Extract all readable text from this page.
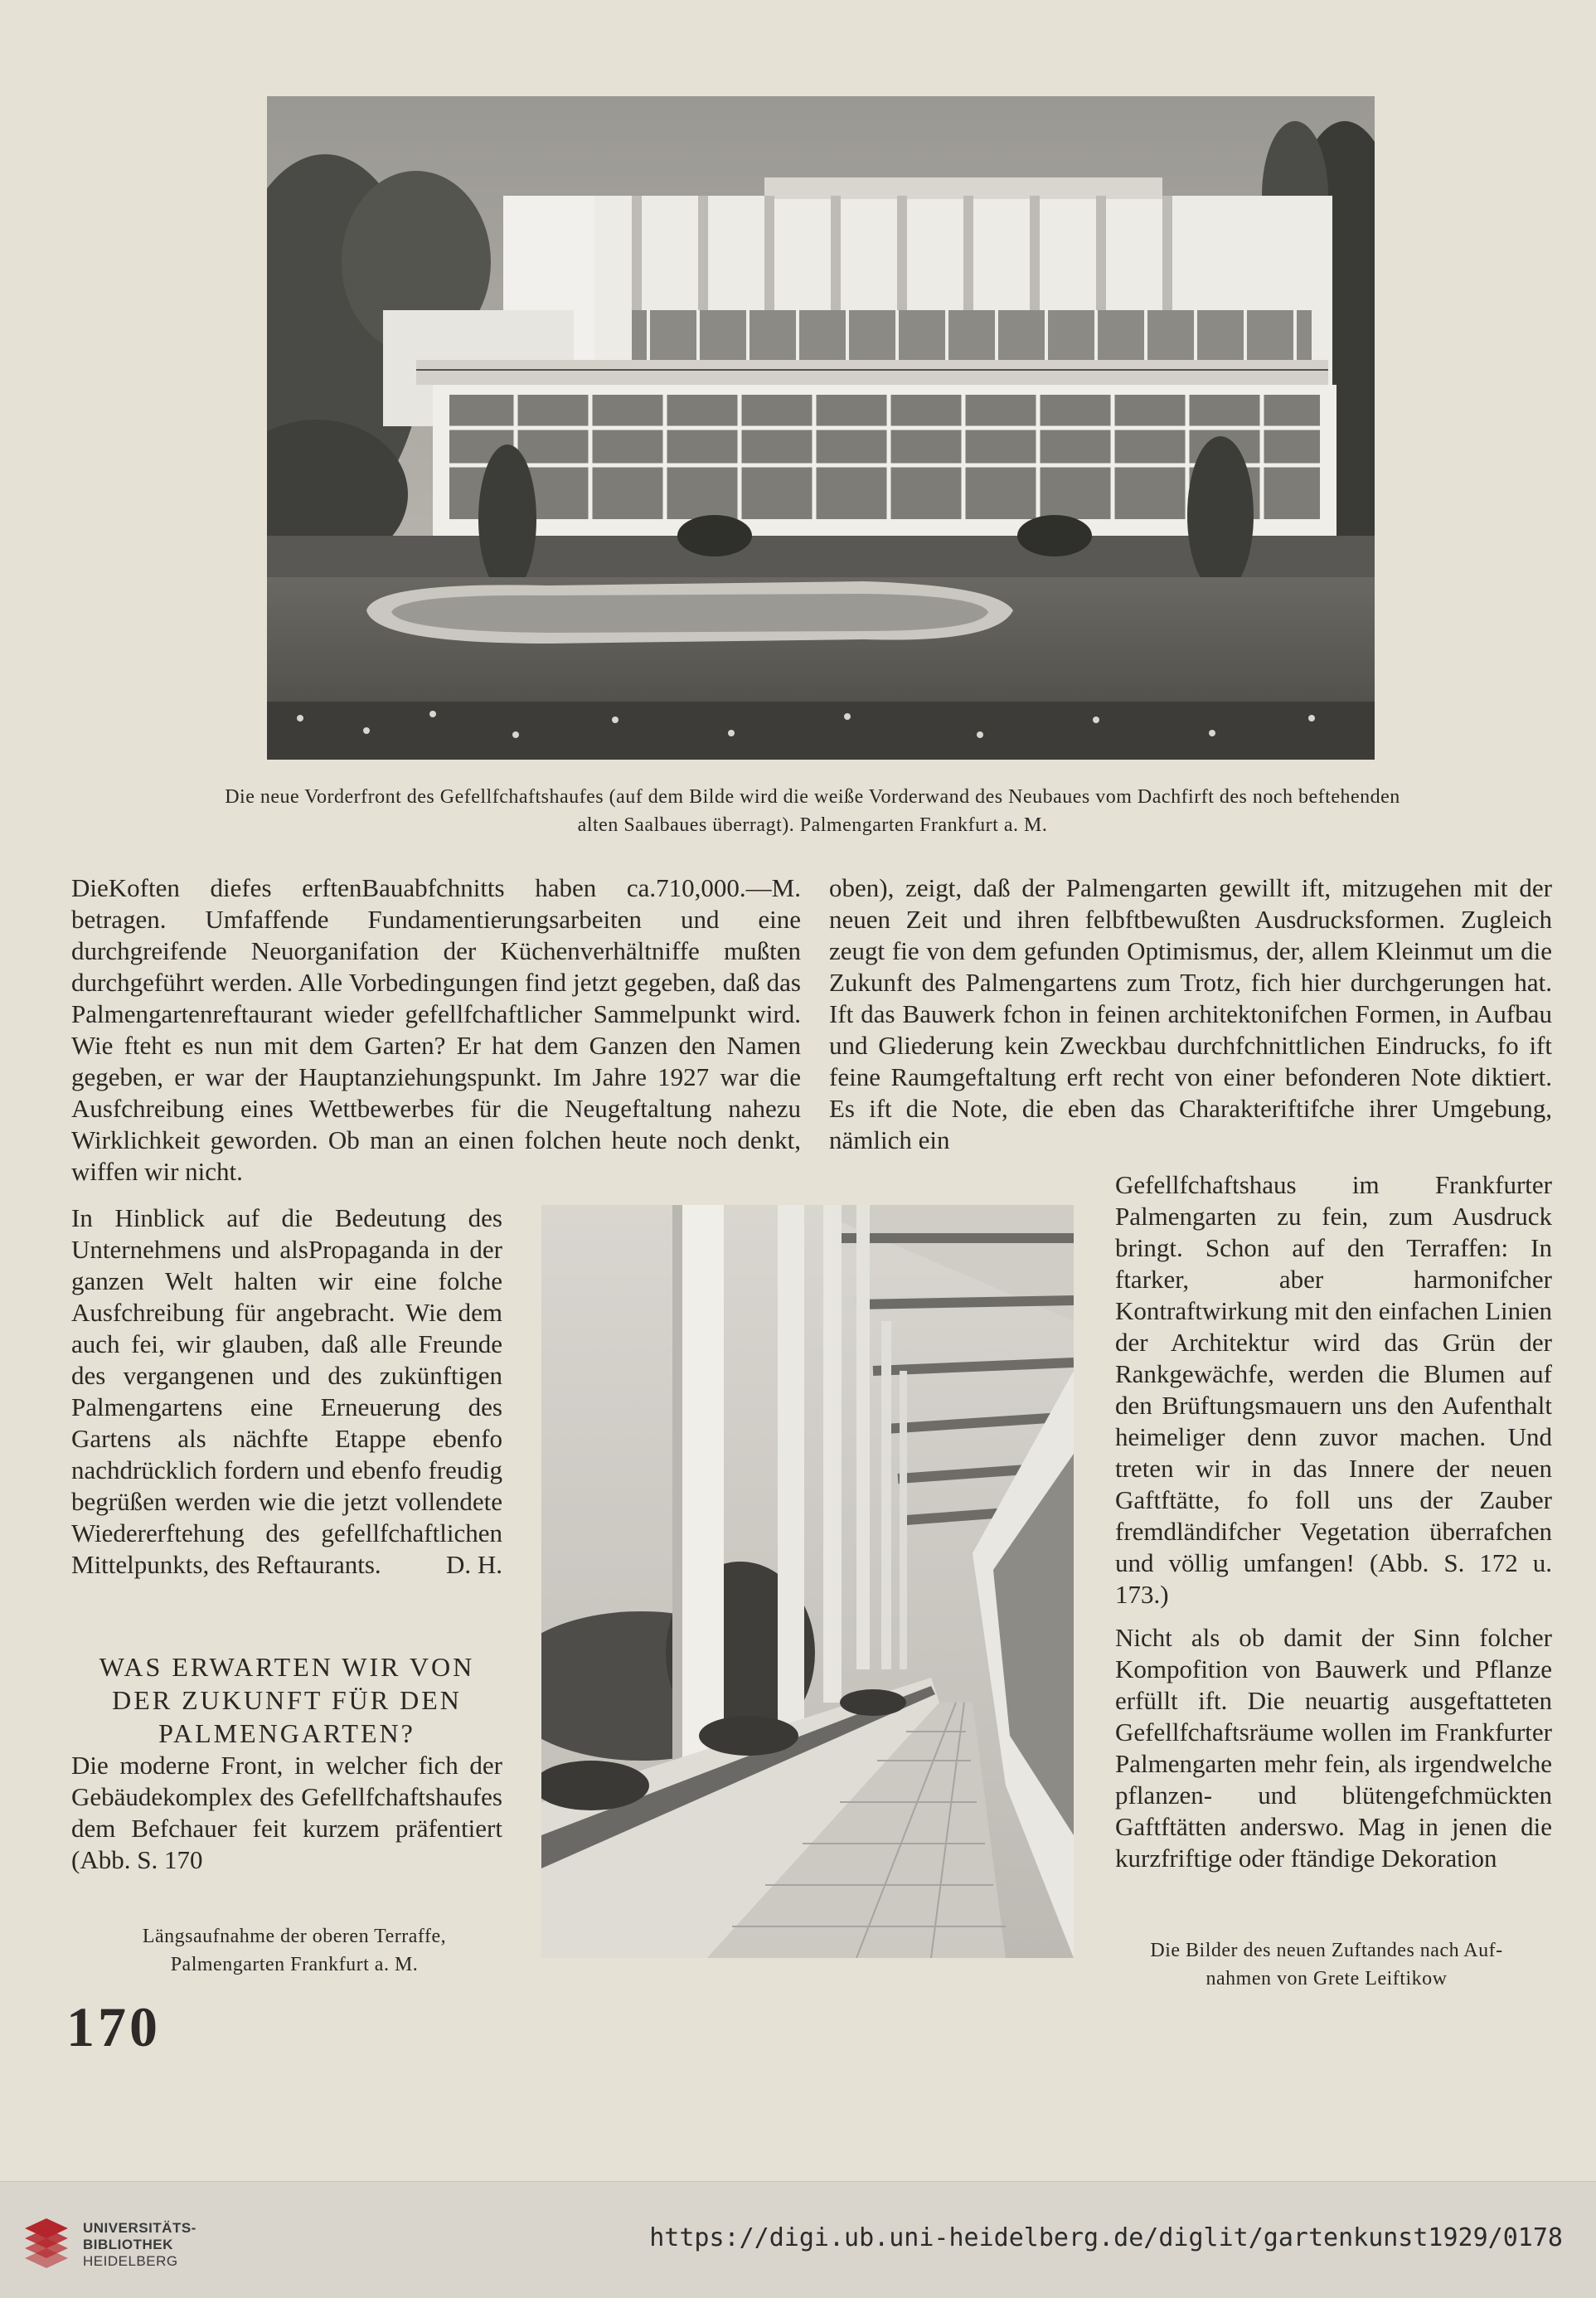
Die neue Vorderfront des Gefellfchaftshaufes (auf dem Bilde wird die weiße Vorderwand des Neubaues vom Dachfirft des noch beftehenden
alten Saalbaues überragt). Palmengarten Frankfurt a. M.

DieKoften diefes erftenBauabfchnitts haben ca.710,000.—M. betragen. Umfaffende Fundamentierungsarbeiten und eine durchgreifende Neuorganifation der Küchenverhältniffe mußten durchgeführt werden. Alle Vorbedingungen find jetzt gegeben, daß das Palmengartenreftaurant wieder gefellfchaftlicher Sammelpunkt wird. Wie fteht es nun mit dem Garten? Er hat dem Ganzen den Namen gegeben, er war der Hauptanziehungspunkt. Im Jahre 1927 war die Ausfchreibung eines Wettbewerbes für die Neugeftaltung nahezu Wirklichkeit geworden. Ob man an einen folchen heute noch denkt, wiffen wir nicht.

In Hinblick auf die Bedeutung des Unternehmens und alsPropaganda in der ganzen Welt halten wir eine folche Ausfchreibung für angebracht. Wie dem auch fei, wir glauben, daß alle Freunde des vergangenen und des zukünftigen Palmengartens eine Erneuerung des Gartens als nächfte Etappe ebenfo nachdrücklich fordern und ebenfo freudig begrüßen werden wie die jetzt vollendete Wiedererftehung des gefellfchaftlichen Mittelpunkts, des Reftaurants.	D. H.

WAS ERWARTEN WIR VON DER ZUKUNFT FÜR DEN PALMENGARTEN?

Die moderne Front, in welcher fich der Gebäudekomplex des Gefellfchaftshaufes dem Befchauer feit kurzem präfentiert (Abb. S. 170

oben), zeigt, daß der Palmengarten gewillt ift, mitzugehen mit der neuen Zeit und ihren felbftbewußten Ausdrucksformen. Zugleich zeugt fie von dem gefunden Optimismus, der, allem Kleinmut um die Zukunft des Palmengartens zum Trotz, fich hier durchgerungen hat. Ift das Bauwerk fchon in feinen architektonifchen Formen, in Aufbau und Gliederung kein Zweckbau durchfchnittlichen Eindrucks, fo ift feine Raumgeftaltung erft recht von einer befonderen Note diktiert. Es ift die Note, die eben das Charakteriftifche ihrer Umgebung, nämlich ein

Gefellfchaftshaus im Frankfurter Palmengarten zu fein, zum Ausdruck bringt. Schon auf den Terraffen: In ftarker, aber harmonifcher Kontraftwirkung mit den einfachen Linien der Architektur wird das Grün der Rankgewächfe, werden die Blumen auf den Brüftungsmauern uns den Aufenthalt heimeliger denn zuvor machen. Und treten wir in das Innere der neuen Gaftftätte, fo foll uns der Zauber fremdländifcher Vegetation überrafchen und völlig umfangen! (Abb. S. 172 u. 173.)

Nicht als ob damit der Sinn folcher Kompofition von Bauwerk und Pflanze erfüllt ift. Die neuartig ausgeftatteten Gefellfchaftsräume wollen im Frankfurter Palmengarten mehr fein, als irgendwelche pflanzen- und blütengefchmückten Gaftftätten anderswo. Mag in jenen die kurzfriftige oder ftändige Dekoration

Längsaufnahme der oberen Terraffe,
Palmengarten Frankfurt a. M.
Die Bilder des neuen Zuftandes nach Auf-
nahmen von Grete Leiftikow
170
UNIVERSITÄTS-
BIBLIOTHEK
HEIDELBERG
https://digi.ub.uni-heidelberg.de/diglit/gartenkunst1929/0178
